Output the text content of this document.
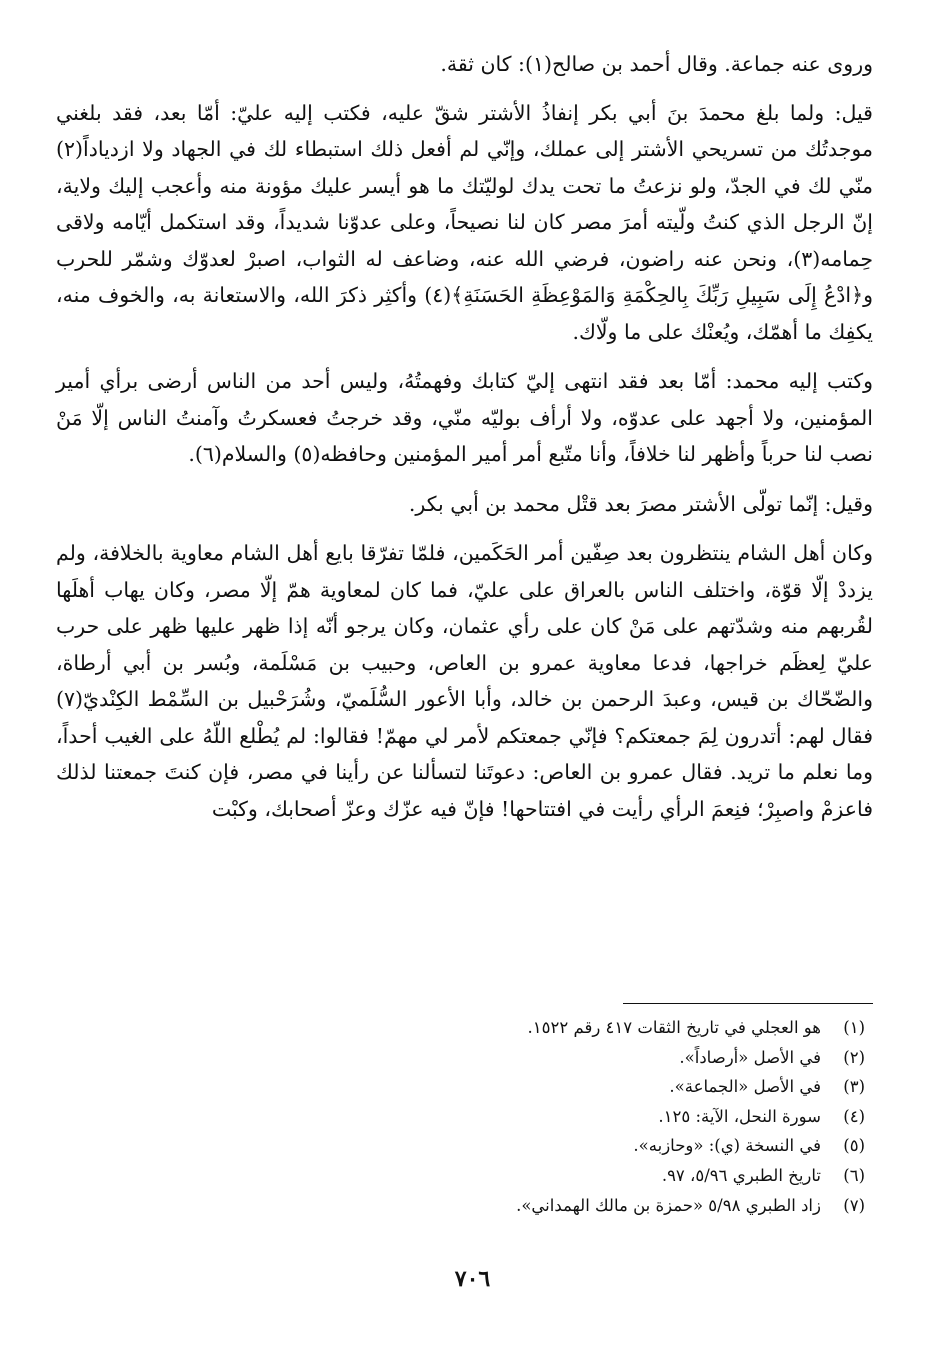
وروى عنه جماعة. وقال أحمد بن صالح(١): كان ثقة.

قيل: ولما بلغ محمدَ بنَ أبي بكر إنفاذُ الأشتر شقّ عليه، فكتب إليه عليّ: أمّا بعد، فقد بلغني موجدتُك من تسريحي الأشتر إلى عملك، وإنّي لم أفعل ذلك استبطاء لك في الجهاد ولا ازدياداً(٢) منّي لك في الجدّ، ولو نزعتُ ما تحت يدك لوليّتك ما هو أيسر عليك مؤونة منه وأعجب إليك ولاية، إنّ الرجل الذي كنتُ ولّيته أمرَ مصر كان لنا نصيحاً، وعلى عدوّنا شديداً، وقد استكمل أيّامه ولاقى حِمامه(٣)، ونحن عنه راضون، فرضي الله عنه، وضاعف له الثواب، اصبرْ لعدوّك وشمّر للحرب و﴿ادْعُ إِلَى سَبِيلِ رَبِّكَ بِالحِكْمَةِ وَالمَوْعِظَةِ الحَسَنَةِ﴾(٤) وأكثِر ذكرَ الله، والاستعانة به، والخوف منه، يكفِك ما أهمّك، ويُعنْك على ما ولّاك.

وكتب إليه محمد: أمّا بعد فقد انتهى إليّ كتابك وفهمتُهُ، وليس أحد من الناس أرضى برأي أمير المؤمنين، ولا أجهد على عدوّه، ولا أرأف بوليّه منّي، وقد خرجتُ فعسكرتُ وآمنتُ الناس إلّا مَنْ نصب لنا حرباً وأظهر لنا خلافاً، وأنا متّبع أمر أمير المؤمنين وحافظه(٥) والسلام(٦).

وقيل: إنّما تولّى الأشتر مصرَ بعد قتْل محمد بن أبي بكر.

وكان أهل الشام ينتظرون بعد صِفّين أمر الحَكَمين، فلمّا تفرّقا بايع أهل الشام معاوية بالخلافة، ولم يزددْ إلّا قوّة، واختلف الناس بالعراق على عليّ، فما كان لمعاوية همّ إلّا مصر، وكان يهاب أهلَها لقُربهم منه وشدّتهم على مَنْ كان على رأي عثمان، وكان يرجو أنّه إذا ظهر عليها ظهر على حرب عليّ لِعظَم خراجها، فدعا معاوية عمرو بن العاص، وحبيب بن مَسْلَمة، وبُسر بن أبي أرطاة، والضّحّاك بن قيس، وعبدَ الرحمن بن خالد، وأبا الأعور السُّلَميّ، وشُرَحْبيل بن السِّمْط الكِنْديّ(٧) فقال لهم: أتدرون لِمَ جمعتكم؟ فإنّي جمعتكم لأمر لي مهمّ! فقالوا: لم يُطْلع اللّهُ على الغيب أحداً، وما نعلم ما تريد. فقال عمرو بن العاص: دعوتَنا لتسألنا عن رأينا في مصر، فإن كنتَ جمعتنا لذلك فاعزمْ واصبِرْ؛ فنِعمَ الرأي رأيت في افتتاحها! فإنّ فيه عزّك وعزّ أصحابك، وكبْت

(١)
هو العجلي في تاريخ الثقات ٤١٧ رقم ١٥٢٢.
(٢)
في الأصل «أرصاداً».
(٣)
في الأصل «الجماعة».
(٤)
سورة النحل، الآية: ١٢٥.
(٥)
في النسخة (ي): «وحازبه».
(٦)
تاريخ الطبري ٥/٩٦، ٩٧.
(٧)
زاد الطبري ٥/٩٨ «حمزة بن مالك الهمداني».
٧٠٦
